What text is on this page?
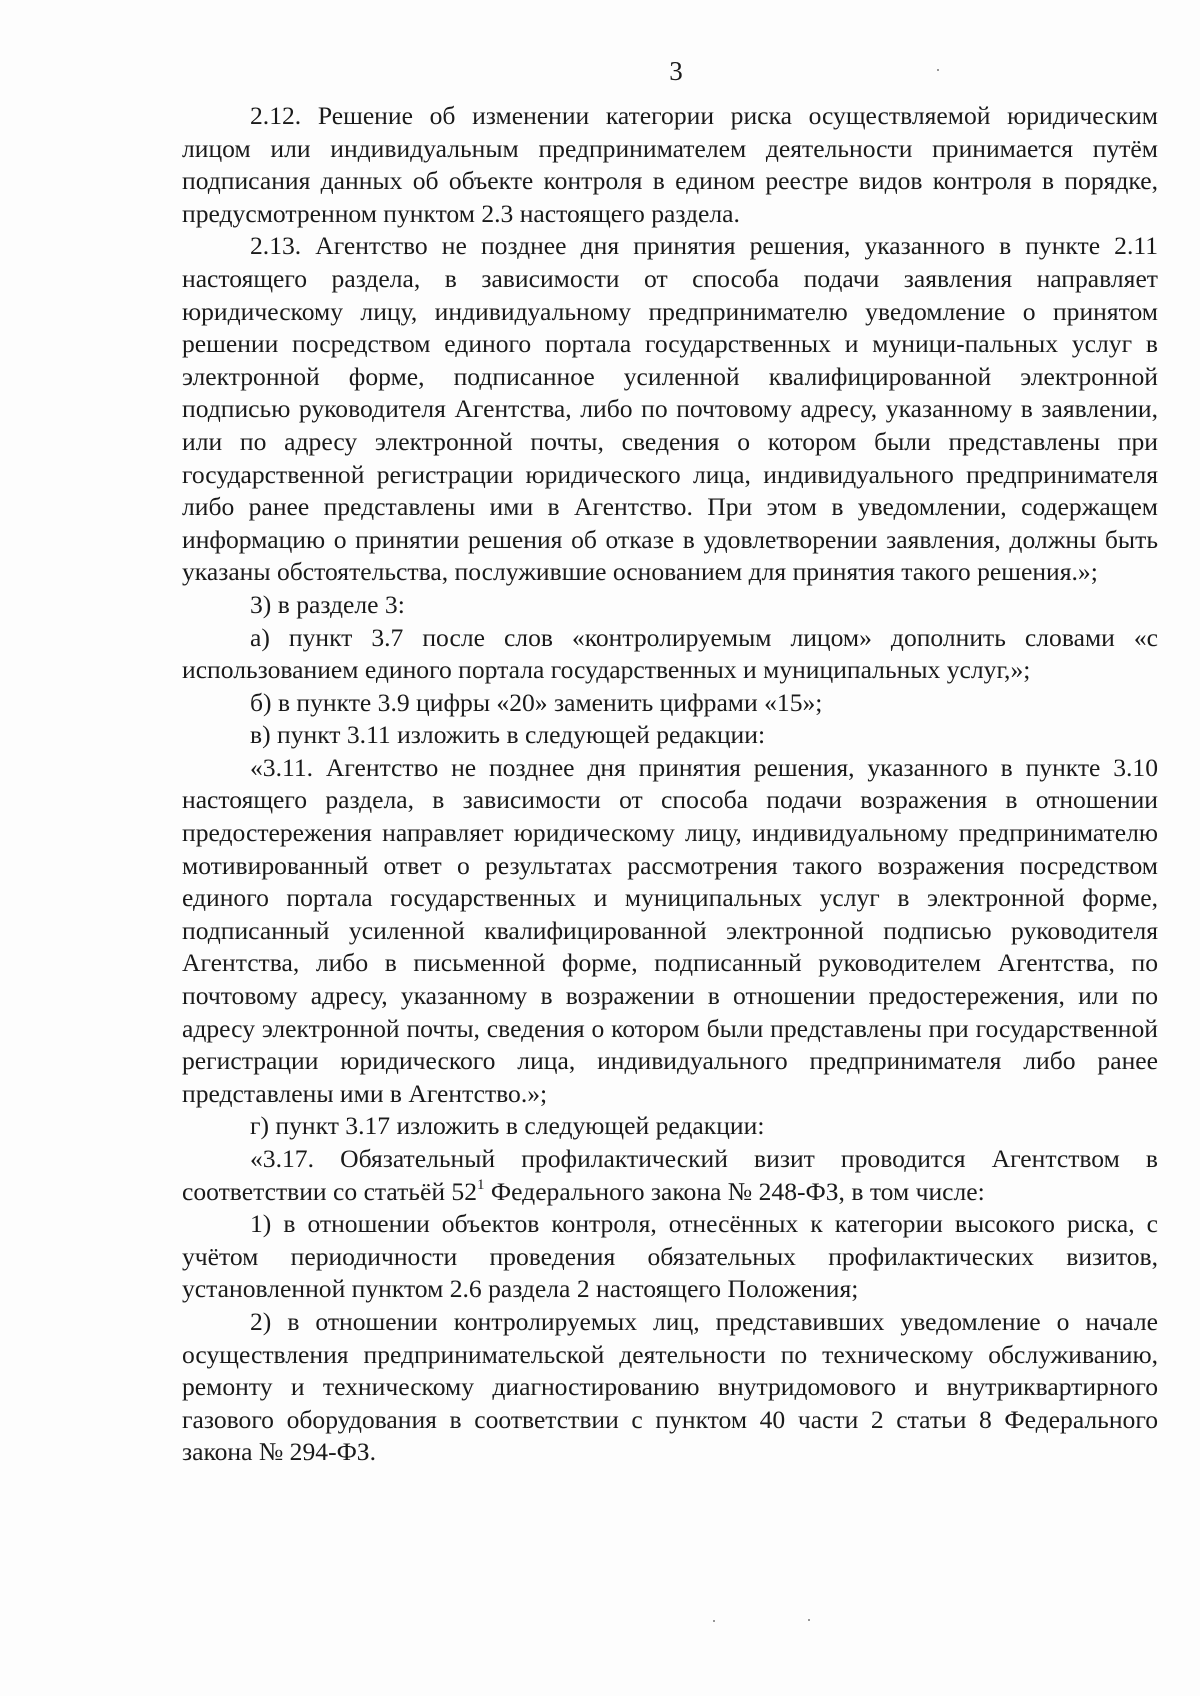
3

2.12. Решение об изменении категории риска осуществляемой юридическим лицом или индивидуальным предпринимателем деятельности принимается путём подписания данных об объекте контроля в едином реестре видов контроля в порядке, предусмотренном пунктом 2.3 настоящего раздела.

2.13. Агентство не позднее дня принятия решения, указанного в пункте 2.11 настоящего раздела, в зависимости от способа подачи заявления направляет юридическому лицу, индивидуальному предпринимателю уведомление о принятом решении посредством единого портала государственных и муници-пальных услуг в электронной форме, подписанное усиленной квалифицированной электронной подписью руководителя Агентства, либо по почтовому адресу, указанному в заявлении, или по адресу электронной почты, сведения о котором были представлены при государственной регистрации юридического лица, индивидуального предпринимателя либо ранее представлены ими в Агентство. При этом в уведомлении, содержащем информацию о принятии решения об отказе в удовлетворении заявления, должны быть указаны обстоятельства, послужившие основанием для принятия такого решения.»;

3) в разделе 3:

а) пункт 3.7 после слов «контролируемым лицом» дополнить словами «с использованием единого портала государственных и муниципальных услуг,»;

б) в пункте 3.9 цифры «20» заменить цифрами «15»;

в) пункт 3.11 изложить в следующей редакции:

«3.11. Агентство не позднее дня принятия решения, указанного в пункте 3.10 настоящего раздела, в зависимости от способа подачи возражения в отношении предостережения направляет юридическому лицу, индивидуальному предпринимателю мотивированный ответ о результатах рассмотрения такого возражения посредством единого портала государственных и муниципальных услуг в электронной форме, подписанный усиленной квалифицированной электронной подписью руководителя Агентства, либо в письменной форме, подписанный руководителем Агентства, по почтовому адресу, указанному в возражении в отношении предостережения, или по адресу электронной почты, сведения о котором были представлены при государственной регистрации юридического лица, индивидуального предпринимателя либо ранее представлены ими в Агентство.»;

г) пункт 3.17 изложить в следующей редакции:

«3.17. Обязательный профилактический визит проводится Агентством в соответствии со статьёй $52^1$ Федерального закона № 248-ФЗ, в том числе:

1) в отношении объектов контроля, отнесённых к категории высокого риска, с учётом периодичности проведения обязательных профилактических визитов, установленной пунктом 2.6 раздела 2 настоящего Положения;

2) в отношении контролируемых лиц, представивших уведомление о начале осуществления предпринимательской деятельности по техническому обслуживанию, ремонту и техническому диагностированию внутридомового и внутриквартирного газового оборудования в соответствии с пунктом 40 части 2 статьи 8 Федерального закона № 294-ФЗ.
